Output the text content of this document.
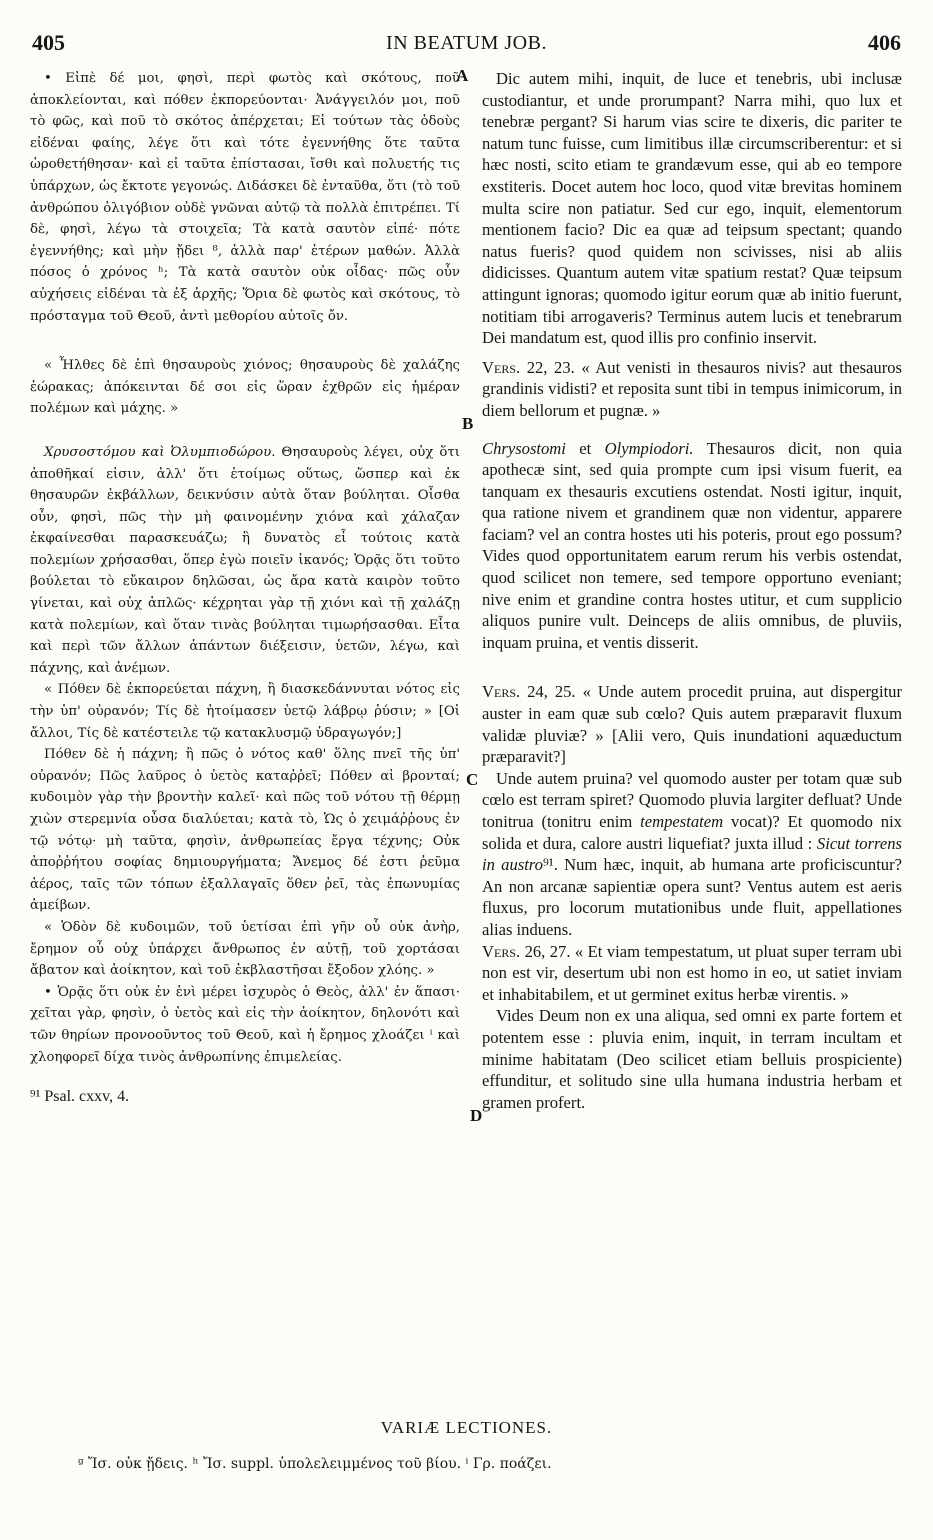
405	IN BEATUM JOB.	406
A
B
C
D

• Εἰπὲ δέ μοι, φησὶ, περὶ φωτὸς καὶ σκότους, ποῦ ἀποκλείονται, καὶ πόθεν ἐκπορεύονται· Ἀνάγγειλόν μοι, ποῦ τὸ φῶς, καὶ ποῦ τὸ σκότος ἀπέρχεται; Εἰ τούτων τὰς ὁδοὺς εἰδέναι φαίης, λέγε ὅτι καὶ τότε ἐγεννήθης ὅτε ταῦτα ὡροθετήθησαν· καὶ εἰ ταῦτα ἐπίστασαι, ἴσθι καὶ πολυετής τις ὑπάρχων, ὡς ἔκτοτε γεγονώς. Διδάσκει δὲ ἐνταῦθα, ὅτι (τὸ τοῦ ἀνθρώπου ὀλιγόβιον οὐδὲ γνῶναι αὐτῷ τὰ πολλὰ ἐπιτρέπει. Τί δὲ, φησὶ, λέγω τὰ στοιχεῖα; Τὰ κατὰ σαυτὸν εἰπέ· πότε ἐγεννήθης; καὶ μὴν ᾔδει ⁸, ἀλλὰ παρ' ἑτέρων μαθών. Ἀλλὰ πόσος ὁ χρόνος ʰ; Τὰ κατὰ σαυτὸν οὐκ οἶδας· πῶς οὖν αὐχήσεις εἰδέναι τὰ ἐξ ἀρχῆς; Ὅρια δὲ φωτὸς καὶ σκότους, τὸ πρόσταγμα τοῦ Θεοῦ, ἀντὶ μεθορίου αὐτοῖς ὄν.

« Ἦλθες δὲ ἐπὶ θησαυροὺς χιόνος; θησαυροὺς δὲ χαλάζης ἑώρακας; ἀπόκεινται δέ σοι εἰς ὥραν ἐχθρῶν εἰς ἡμέραν πολέμων καὶ μάχης. »

Χρυσοστόμου καὶ Ὀλυμπιοδώρου. Θησαυροὺς λέγει, οὐχ ὅτι ἀποθῆκαί εἰσιν, ἀλλ' ὅτι ἑτοίμως οὕτως, ὥσπερ καὶ ἐκ θησαυρῶν ἐκβάλλων, δεικνύσιν αὐτὰ ὅταν βούληται. Οἶσθα οὖν, φησὶ, πῶς τὴν μὴ φαινομένην χιόνα καὶ χάλαζαν ἐκφαίνεσθαι παρασκευάζω; ἢ δυνατὸς εἶ τούτοις κατὰ πολεμίων χρήσασθαι, ὅπερ ἐγὼ ποιεῖν ἱκανός; Ὁρᾷς ὅτι τοῦτο βούλεται τὸ εὔκαιρον δηλῶσαι, ὡς ἄρα κατὰ καιρὸν τοῦτο γίνεται, καὶ οὐχ ἁπλῶς· κέχρηται γὰρ τῇ χιόνι καὶ τῇ χαλάζῃ κατὰ πολεμίων, καὶ ὅταν τινὰς βούληται τιμωρήσασθαι. Εἶτα καὶ περὶ τῶν ἄλλων ἁπάντων διέξεισιν, ὑετῶν, λέγω, καὶ πάχνης, καὶ ἀνέμων.

« Πόθεν δὲ ἐκπορεύεται πάχνη, ἢ διασκεδάννυται νότος εἰς τὴν ὑπ' οὐρανόν; Τίς δὲ ἡτοίμασεν ὑετῷ λάβρῳ ῥύσιν; » [Οἱ ἄλλοι, Τίς δὲ κατέστειλε τῷ κατακλυσμῷ ὑδραγωγόν;]

Πόθεν δὲ ἡ πάχνη; ἢ πῶς ὁ νότος καθ' ὅλης πνεῖ τῆς ὑπ' οὐρανόν; Πῶς λαῦρος ὁ ὑετὸς καταῤῥεῖ; Πόθεν αἱ βρονταί; κυδοιμὸν γὰρ τὴν βροντὴν καλεῖ· καὶ πῶς τοῦ νότου τῇ θέρμῃ χιὼν στερεμνία οὖσα διαλύεται; κατὰ τὸ, Ὡς ὁ χειμάῤῥους ἐν τῷ νότῳ· μὴ ταῦτα, φησὶν, ἀνθρωπείας ἔργα τέχνης; Οὐκ ἀποῤῥήτου σοφίας δημιουργήματα; Ἄνεμος δέ ἐστι ῥεῦμα ἀέρος, ταῖς τῶν τόπων ἐξαλλαγαῖς ὅθεν ῥεῖ, τὰς ἐπωνυμίας ἀμείβων.

« Ὁδὸν δὲ κυδοιμῶν, τοῦ ὑετίσαι ἐπὶ γῆν οὗ οὐκ ἀνὴρ, ἔρημον οὗ οὐχ ὑπάρχει ἄνθρωπος ἐν αὐτῇ, τοῦ χορτάσαι ἄβατον καὶ ἀοίκητον, καὶ τοῦ ἐκβλαστῆσαι ἔξοδον χλόης. »

• Ὁρᾷς ὅτι οὐκ ἐν ἑνὶ μέρει ἰσχυρὸς ὁ Θεὸς, ἀλλ' ἐν ἅπασι· χεῖται γὰρ, φησὶν, ὁ ὑετὸς καὶ εἰς τὴν ἀοίκητον, δηλονότι καὶ τῶν θηρίων προνοοῦντος τοῦ Θεοῦ, καὶ ἡ ἔρημος χλοάζει ⁱ καὶ χλοηφορεῖ δίχα τινὸς ἀνθρωπίνης ἐπιμελείας.

⁹¹ Psal. cxxv, 4.

Dic autem mihi, inquit, de luce et tenebris, ubi inclusæ custodiantur, et unde prorumpant? Narra mihi, quo lux et tenebræ pergant? Si harum vias scire te dixeris, dic pariter te natum tunc fuisse, cum limitibus illæ circumscriberentur: et si hæc nosti, scito etiam te grandævum esse, qui ab eo tempore exstiteris. Docet autem hoc loco, quod vitæ brevitas hominem multa scire non patiatur. Sed cur ego, inquit, elementorum mentionem facio? Dic ea quæ ad teipsum spectant; quando natus fueris? quod quidem non scivisses, nisi ab aliis didicisses. Quantum autem vitæ spatium restat? Quæ teipsum attingunt ignoras; quomodo igitur eorum quæ ab initio fuerunt, notitiam tibi arrogaveris? Terminus autem lucis et tenebrarum Dei mandatum est, quod illis pro confinio inservit.

Vers. 22, 23. « Aut venisti in thesauros nivis? aut thesauros grandinis vidisti? et reposita sunt tibi in tempus inimicorum, in diem bellorum et pugnæ. »

Chrysostomi et Olympiodori. Thesauros dicit, non quia apothecæ sint, sed quia prompte cum ipsi visum fuerit, ea tanquam ex thesauris excutiens ostendat. Nosti igitur, inquit, qua ratione nivem et grandinem quæ non videntur, apparere faciam? vel an contra hostes uti his poteris, prout ego possum? Vides quod opportunitatem earum rerum his verbis ostendat, quod scilicet non temere, sed tempore opportuno eveniant; nive enim et grandine contra hostes utitur, et cum supplicio aliquos punire vult. Deinceps de aliis omnibus, de pluviis, inquam pruina, et ventis disserit.

Vers. 24, 25. « Unde autem procedit pruina, aut dispergitur auster in eam quæ sub cœlo? Quis autem præparavit fluxum validæ pluviæ? » [Alii vero, Quis inundationi aquæductum præparavit?]

Unde autem pruina? vel quomodo auster per totam quæ sub cœlo est terram spiret? Quomodo pluvia largiter defluat? Unde tonitrua (tonitru enim tempestatem vocat)? Et quomodo nix solida et dura, calore austri liquefiat? juxta illud : Sicut torrens in austro⁹¹. Num hæc, inquit, ab humana arte proficiscuntur? An non arcanæ sapientiæ opera sunt? Ventus autem est aeris fluxus, pro locorum mutationibus unde fluit, appellationes alias induens.

Vers. 26, 27. « Et viam tempestatum, ut pluat super terram ubi non est vir, desertum ubi non est homo in eo, ut satiet inviam et inhabitabilem, et ut germinet exitus herbæ virentis. »

Vides Deum non ex una aliqua, sed omni ex parte fortem et potentem esse : pluvia enim, inquit, in terram incultam et minime habitatam (Deo scilicet etiam belluis prospiciente) effunditur, et solitudo sine ulla humana industria herbam et gramen profert.

VARIÆ LECTIONES.
ᵍ Ἴσ. οὐκ ᾔδεις. ʰ Ἴσ. suppl. ὑπολελειμμένος τοῦ βίου. ⁱ Γρ. ποάζει.
